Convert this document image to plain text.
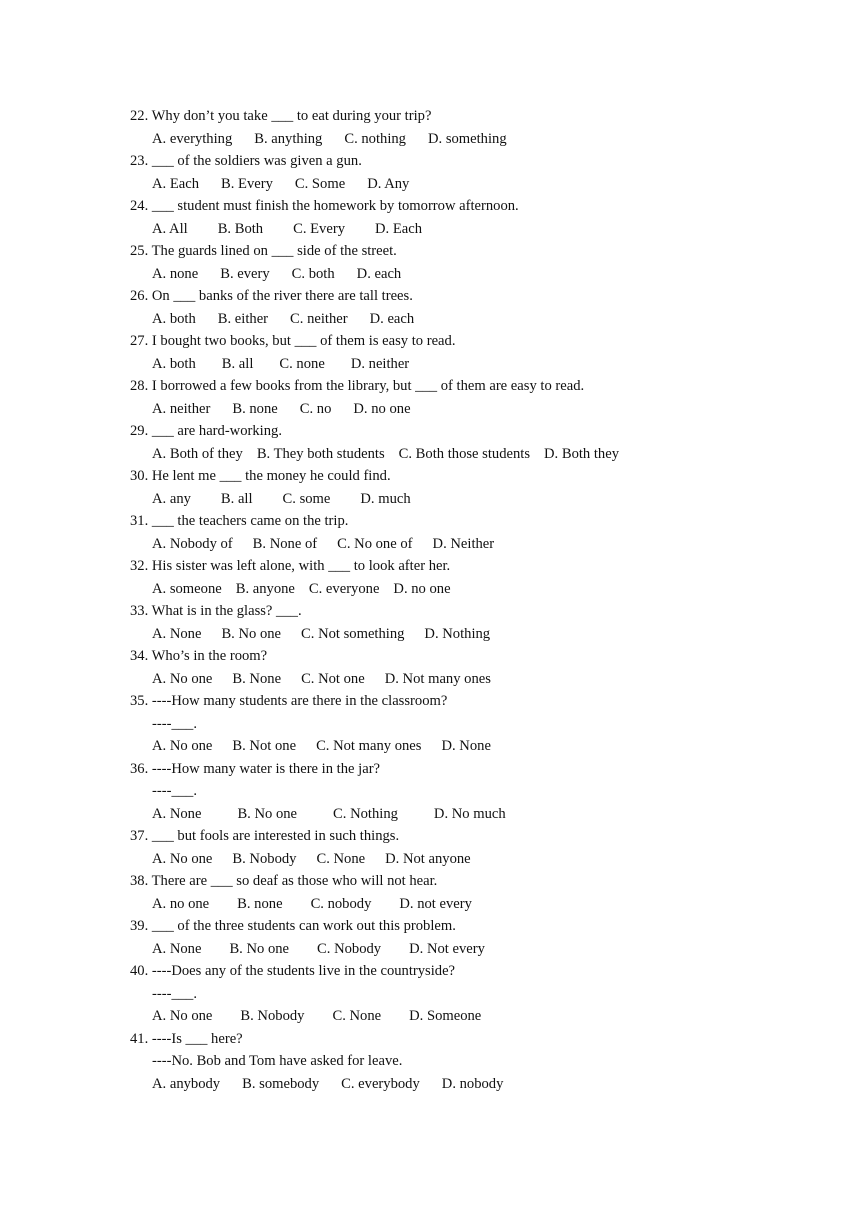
22. Why don’t you take ___ to eat during your trip?
A. everything B. anything C. nothing D. something
23. ___ of the soldiers was given a gun.
A. Each B. Every C. Some D. Any
24. ___ student must finish the homework by tomorrow afternoon.
A. All B. Both C. Every D. Each
25. The guards lined on ___ side of the street.
A. none B. every C. both D. each
26. On ___ banks of the river there are tall trees.
A. both B. either C. neither D. each
27. I bought two books, but ___ of them is easy to read.
A. both B. all C. none D. neither
28. I borrowed a few books from the library, but ___ of them are easy to read.
A. neither B. none C. no D. no one
29. ___ are hard-working.
A. Both of they B. They both students C. Both those students D. Both they
30. He lent me ___ the money he could find.
A. any B. all C. some D. much
31. ___ the teachers came on the trip.
A. Nobody of B. None of C. No one of D. Neither
32. His sister was left alone, with ___ to look after her.
A. someone B. anyone C. everyone D. no one
33. What is in the glass? ___.
A. None B. No one C. Not something D. Nothing
34. Who’s in the room?
A. No one B. None C. Not one D. Not many ones
35. ----How many students are there in the classroom?
----___.
A. No one B. Not one C. Not many ones D. None
36. ----How many water is there in the jar?
----___.
A. None B. No one C. Nothing D. No much
37. ___ but fools are interested in such things.
A. No one B. Nobody C. None D. Not anyone
38. There are ___ so deaf as those who will not hear.
A. no one B. none C. nobody D. not every
39. ___ of the three students can work out this problem.
A. None B. No one C. Nobody D. Not every
40. ----Does any of the students live in the countryside?
----___.
A. No one B. Nobody C. None D. Someone
41. ----Is ___ here?
----No. Bob and Tom have asked for leave.
A. anybody B. somebody C. everybody D. nobody
